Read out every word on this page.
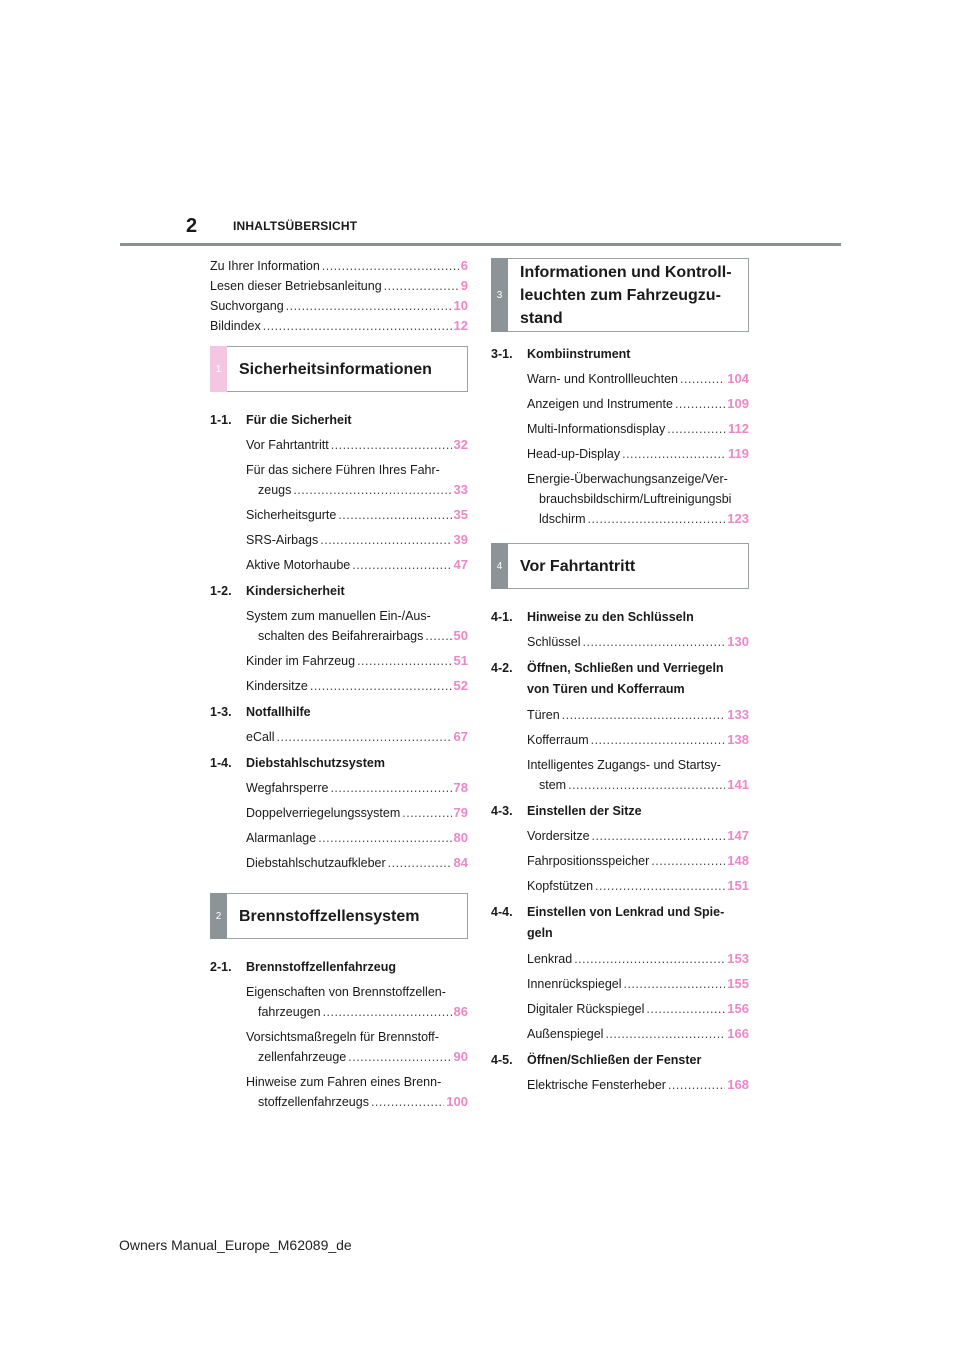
2	INHALTSÜBERSICHT
Zu Ihrer Information .....	6
Lesen dieser Betriebsanleitung .....	9
Suchvorgang .....	10
Bildindex .....	12
1	Sicherheitsinformationen
1-1. Für die Sicherheit
Vor Fahrtantritt .....	32
Für das sichere Führen Ihres Fahr-
zeugs .....	33
Sicherheitsgurte .....	35
SRS-Airbags .....	39
Aktive Motorhaube .....	47
1-2. Kindersicherheit
System zum manuellen Ein-/Aus-
schalten des Beifahrerairbags ..... 50
Kinder im Fahrzeug .....	51
Kindersitze .....	52
1-3. Notfallhilfe
eCall .....	67
1-4. Diebstahlschutzsystem
Wegfahrsperre .....	78
Doppelverriegelungssystem .....	79
Alarmanlage .....	80
Diebstahlschutzaufkleber .....	84
2	Brennstoffzellensystem
2-1. Brennstoffzellenfahrzeug
Eigenschaften von Brennstoffzellen-
fahrzeugen .....	86
Vorsichtsmaßregeln für Brennstoff-
zellenfahrzeuge .....	90
Hinweise zum Fahren eines Brenn-
stoffzellenfahrzeugs .....	100
3
Informationen und Kontroll-
leuchten zum Fahrzeugzu-
stand
3-1. Kombiinstrument
Warn- und Kontrollleuchten .....	104
Anzeigen und Instrumente .....	109
Multi-Informationsdisplay .....	112
Head-up-Display .....	119
Energie-Überwachungsanzeige/Ver-
brauchsbildschirm/Luftreinigungsbi
ldschirm .....	123
4	Vor Fahrtantritt
4-1. Hinweise zu den Schlüsseln
Schlüssel .....	130
4-2. Öffnen, Schließen und Verriegeln
von Türen und Kofferraum
Türen .....	133
Kofferraum .....	138
Intelligentes Zugangs- und Startsy-
stem .....	141
4-3. Einstellen der Sitze
Vordersitze .....	147
Fahrpositionsspeicher .....	148
Kopfstützen .....	151
4-4. Einstellen von Lenkrad und Spie-
geln
Lenkrad .....	153
Innenrückspiegel .....	155
Digitaler Rückspiegel .....	156
Außenspiegel .....	166
4-5. Öffnen/Schließen der Fenster
Elektrische Fensterheber .....	168
Owners Manual_Europe_M62089_de
